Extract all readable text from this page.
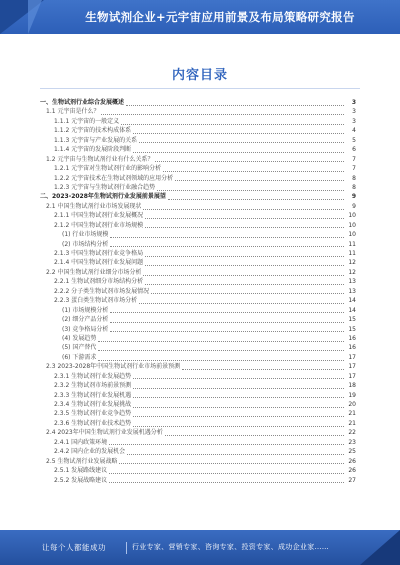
生物试剂企业+元宇宙应用前景及布局策略研究报告
内容目录
一、生物试剂行业综合发展概述	3
1.1 元宇宙是什么？	3
1.1.1 元宇宙的一般定义	3
1.1.2 元宇宙的技术构成体系	4
1.1.3 元宇宙与产业发展的关系	5
1.1.4 元宇宙的发展阶段判断	6
1.2 元宇宙与生物试剂行业有什么关系？	7
1.2.1 元宇宙对生物试剂行业的影响分析	7
1.2.2 元宇宙技术在生物试剂领域的应用分析	8
1.2.3 元宇宙与生物试剂行业融合趋势	8
二、2023-2028年生物试剂行业发展前景展望	9
2.1 中国生物试剂行业市场发展现状	9
2.1.1 中国生物试剂行业发展概况	10
2.1.2 中国生物试剂行业市场规模	10
(1) 行业市场规模	10
(2) 市场结构分析	11
2.1.3 中国生物试剂行业竞争格局	11
2.1.4 中国生物试剂行业发展问题	12
2.2 中国生物试剂行业细分市场分析	12
2.2.1 生物试剂细分市场结构分析	13
2.2.2 分子类生物试剂市场发展情况	13
2.2.3 蛋白类生物试剂市场分析	14
(1) 市场规模分析	14
(2) 细分产品分析	15
(3) 竞争格局分析	15
(4) 发展趋势	16
(5) 国产替代	16
(6) 下游需求	17
2.3 2023-2028年中国生物试剂行业市场前景预测	17
2.3.1 生物试剂行业发展趋势	17
2.3.2 生物试剂市场前景预测	18
2.3.3 生物试剂行业发展机遇	19
2.3.4 生物试剂行业发展挑战	20
2.3.5 生物试剂行业竞争趋势	21
2.3.6 生物试剂行业技术趋势	21
2.4 2023年中国生物试剂行业发展机遇分析	22
2.4.1 国内政策环境	23
2.4.2 国内企业的发展机会	25
2.5 生物试剂行业发展战略	26
2.5.1 发展路线建议	26
2.5.2 发展战略建议	27
让每个人都能成功	行业专家、营销专家、咨询专家、投资专家、成功企业家……
